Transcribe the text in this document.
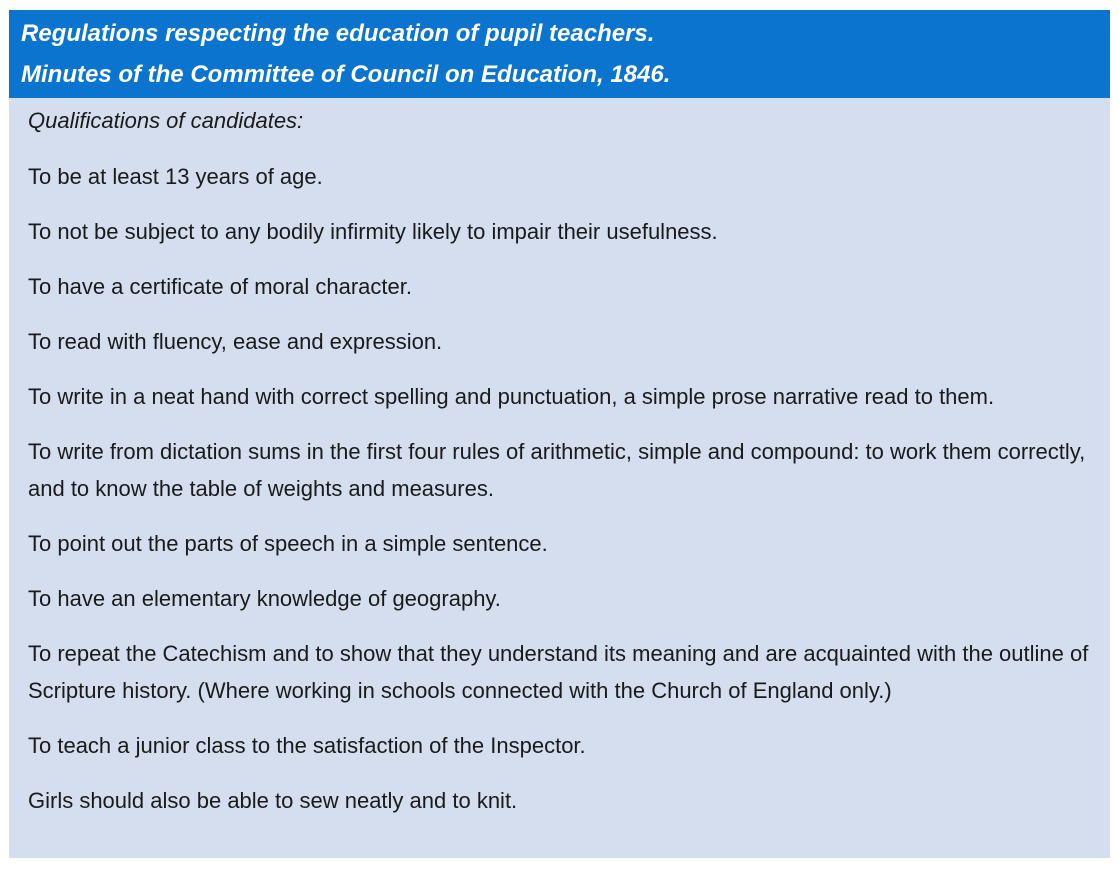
Regulations respecting the education of pupil teachers.
Minutes of the Committee of Council on Education, 1846.
Qualifications of candidates:
To be at least 13 years of age.
To not be subject to any bodily infirmity likely to impair their usefulness.
To have a certificate of moral character.
To read with fluency, ease and expression.
To write in a neat hand with correct spelling and punctuation, a simple prose narrative read to them.
To write from dictation sums in the first four rules of arithmetic, simple and compound: to work them correctly, and to know the table of weights and measures.
To point out the parts of speech in a simple sentence.
To have an elementary knowledge of geography.
To repeat the Catechism and to show that they understand its meaning and are acquainted with the outline of Scripture history. (Where working in schools connected with the Church of England only.)
To teach a junior class to the satisfaction of the Inspector.
Girls should also be able to sew neatly and to knit.
